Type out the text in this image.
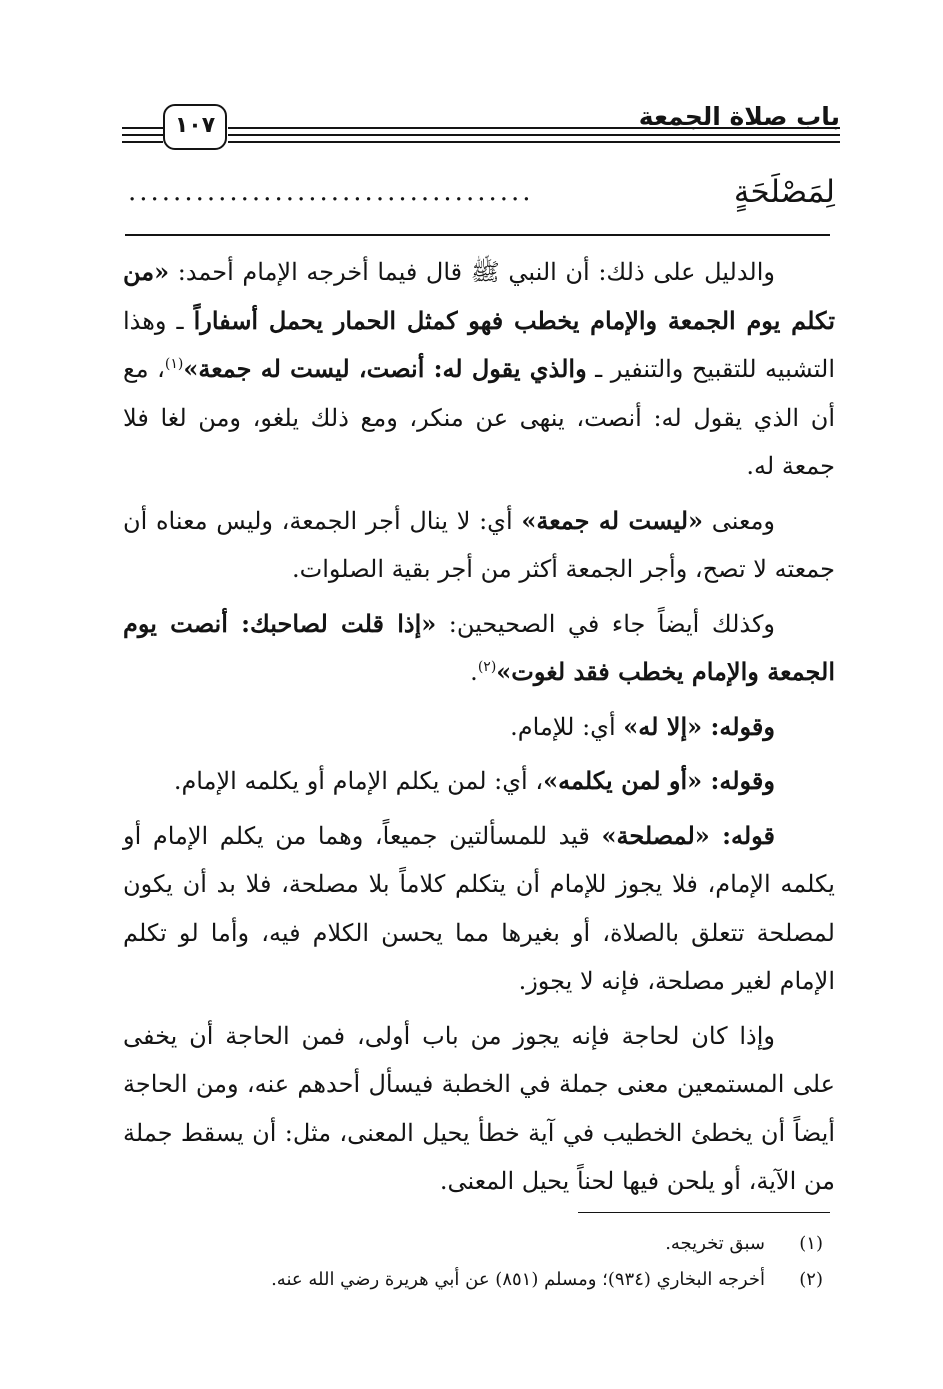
١٠٧	باب صلاة الجمعة
لِمَصْلَحَةٍ
....................................

والدليل على ذلك: أن النبي ﷺ قال فيما أخرجه الإمام أحمد: «من تكلم يوم الجمعة والإمام يخطب فهو كمثل الحمار يحمل أسفاراً ـ وهذا التشبيه للتقبيح والتنفير ـ والذي يقول له: أنصت، ليست له جمعة»$^{(١)}$، مع أن الذي يقول له: أنصت، ينهى عن منكر، ومع ذلك يلغو، ومن لغا فلا جمعة له.

ومعنى «ليست له جمعة» أي: لا ينال أجر الجمعة، وليس معناه أن جمعته لا تصح، وأجر الجمعة أكثر من أجر بقية الصلوات.

وكذلك أيضاً جاء في الصحيحين: «إذا قلت لصاحبك: أنصت يوم الجمعة والإمام يخطب فقد لغوت»$^{(٢)}$.

وقوله: «إلا له» أي: للإمام.

وقوله: «أو لمن يكلمه»، أي: لمن يكلم الإمام أو يكلمه الإمام.

قوله: «لمصلحة» قيد للمسألتين جميعاً، وهما من يكلم الإمام أو يكلمه الإمام، فلا يجوز للإمام أن يتكلم كلاماً بلا مصلحة، فلا بد أن يكون لمصلحة تتعلق بالصلاة، أو بغيرها مما يحسن الكلام فيه، وأما لو تكلم الإمام لغير مصلحة، فإنه لا يجوز.

وإذا كان لحاجة فإنه يجوز من باب أولى، فمن الحاجة أن يخفى على المستمعين معنى جملة في الخطبة فيسأل أحدهم عنه، ومن الحاجة أيضاً أن يخطئ الخطيب في آية خطأ يحيل المعنى، مثل: أن يسقط جملة من الآية، أو يلحن فيها لحناً يحيل المعنى.

(١)
سبق تخريجه.
(٢)
أخرجه البخاري (٩٣٤)؛ ومسلم (٨٥١) عن أبي هريرة رضي الله عنه.
